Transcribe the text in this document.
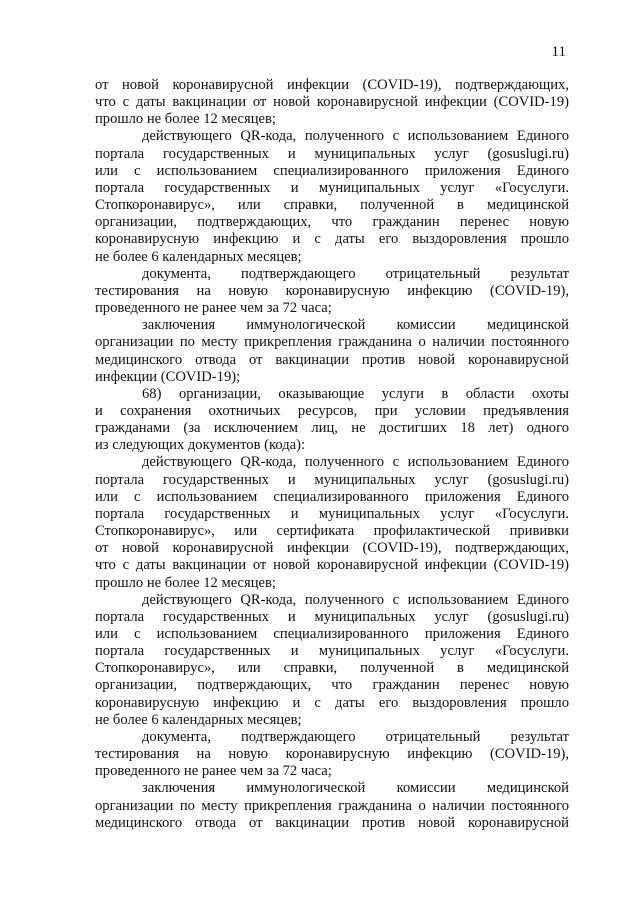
11
от новой коронавирусной инфекции (COVID-19), подтверждающих,
что с даты вакцинации от новой коронавирусной инфекции (COVID-19)
прошло не более 12 месяцев;
действующего QR-кода, полученного с использованием Единого
портала государственных и муниципальных услуг (gosuslugi.ru)
или с использованием специализированного приложения Единого
портала государственных и муниципальных услуг «Госуслуги.
Стопкоронавирус», или справки, полученной в медицинской
организации, подтверждающих, что гражданин перенес новую
коронавирусную инфекцию и с даты его выздоровления прошло
не более 6 календарных месяцев;
документа, подтверждающего отрицательный результат
тестирования на новую коронавирусную инфекцию (COVID-19),
проведенного не ранее чем за 72 часа;
заключения иммунологической комиссии медицинской
организации по месту прикрепления гражданина о наличии постоянного
медицинского отвода от вакцинации против новой коронавирусной
инфекции (COVID-19);
68) организации, оказывающие услуги в области охоты
и сохранения охотничьих ресурсов, при условии предъявления
гражданами (за исключением лиц, не достигших 18 лет) одного
из следующих документов (кода):
действующего QR-кода, полученного с использованием Единого
портала государственных и муниципальных услуг (gosuslugi.ru)
или с использованием специализированного приложения Единого
портала государственных и муниципальных услуг «Госуслуги.
Стопкоронавирус», или сертификата профилактической прививки
от новой коронавирусной инфекции (COVID-19), подтверждающих,
что с даты вакцинации от новой коронавирусной инфекции (COVID-19)
прошло не более 12 месяцев;
действующего QR-кода, полученного с использованием Единого
портала государственных и муниципальных услуг (gosuslugi.ru)
или с использованием специализированного приложения Единого
портала государственных и муниципальных услуг «Госуслуги.
Стопкоронавирус», или справки, полученной в медицинской
организации, подтверждающих, что гражданин перенес новую
коронавирусную инфекцию и с даты его выздоровления прошло
не более 6 календарных месяцев;
документа, подтверждающего отрицательный результат
тестирования на новую коронавирусную инфекцию (COVID-19),
проведенного не ранее чем за 72 часа;
заключения иммунологической комиссии медицинской
организации по месту прикрепления гражданина о наличии постоянного
медицинского отвода от вакцинации против новой коронавирусной
